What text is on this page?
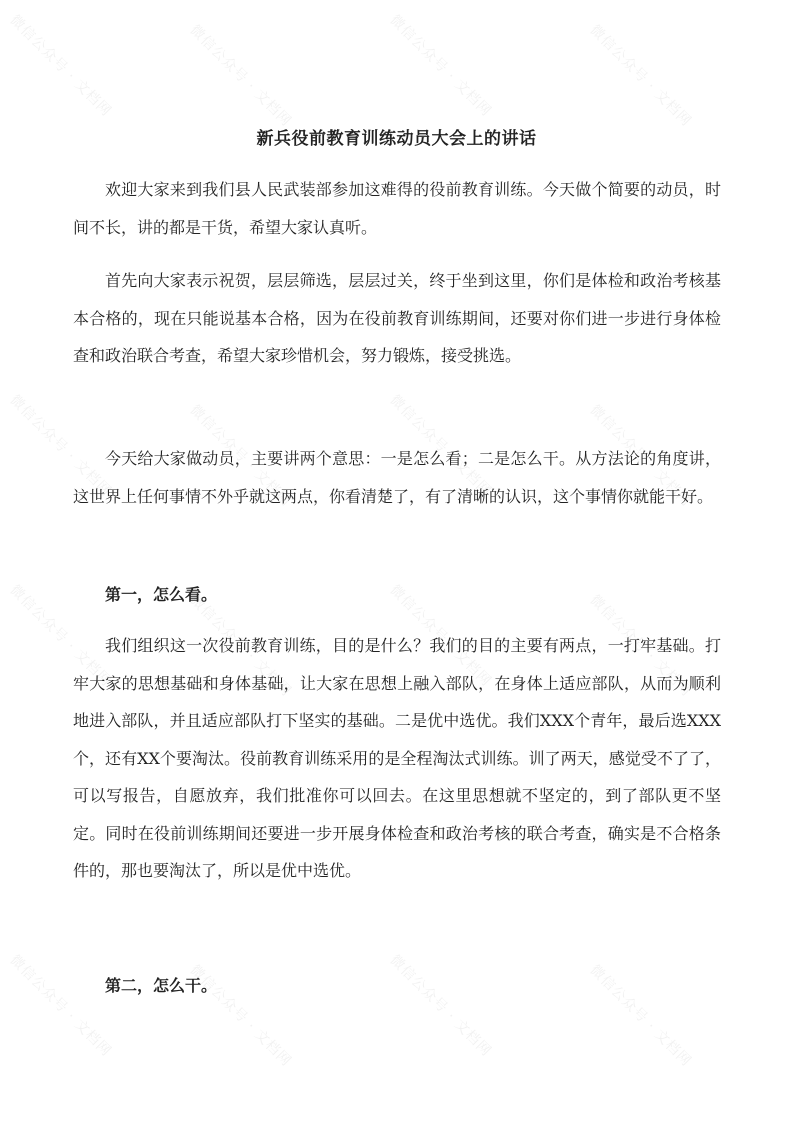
微信公众号 · 文档网	微信公众号 · 文档网	微信公众号 · 文档网	微信公众号 · 文档网
微信公众号 · 文档网	微信公众号 · 文档网	微信公众号 · 文档网	微信公众号 · 文档网
微信公众号 · 文档网	微信公众号 · 文档网	微信公众号 · 文档网	微信公众号 · 文档网
微信公众号 · 文档网	微信公众号 · 文档网	微信公众号 · 文档网	微信公众号 · 文档网
新兵役前教育训练动员大会上的讲话

欢迎大家来到我们县人民武装部参加这难得的役前教育训练。今天做个简要的动员，时间不长，讲的都是干货，希望大家认真听。

首先向大家表示祝贺，层层筛选，层层过关，终于坐到这里，你们是体检和政治考核基本合格的，现在只能说基本合格，因为在役前教育训练期间，还要对你们进一步进行身体检查和政治联合考查，希望大家珍惜机会，努力锻炼，接受挑选。

今天给大家做动员，主要讲两个意思：一是怎么看；二是怎么干。从方法论的角度讲，这世界上任何事情不外乎就这两点，你看清楚了，有了清晰的认识，这个事情你就能干好。

第一，怎么看。

我们组织这一次役前教育训练，目的是什么？我们的目的主要有两点，一打牢基础。打牢大家的思想基础和身体基础，让大家在思想上融入部队，在身体上适应部队，从而为顺利地进入部队，并且适应部队打下坚实的基础。二是优中选优。我们XXX个青年，最后选XXX个，还有XX个要淘汰。役前教育训练采用的是全程淘汰式训练。训了两天，感觉受不了了，可以写报告，自愿放弃，我们批准你可以回去。在这里思想就不坚定的，到了部队更不坚定。同时在役前训练期间还要进一步开展身体检查和政治考核的联合考查，确实是不合格条件的，那也要淘汰了，所以是优中选优。

第二，怎么干。
